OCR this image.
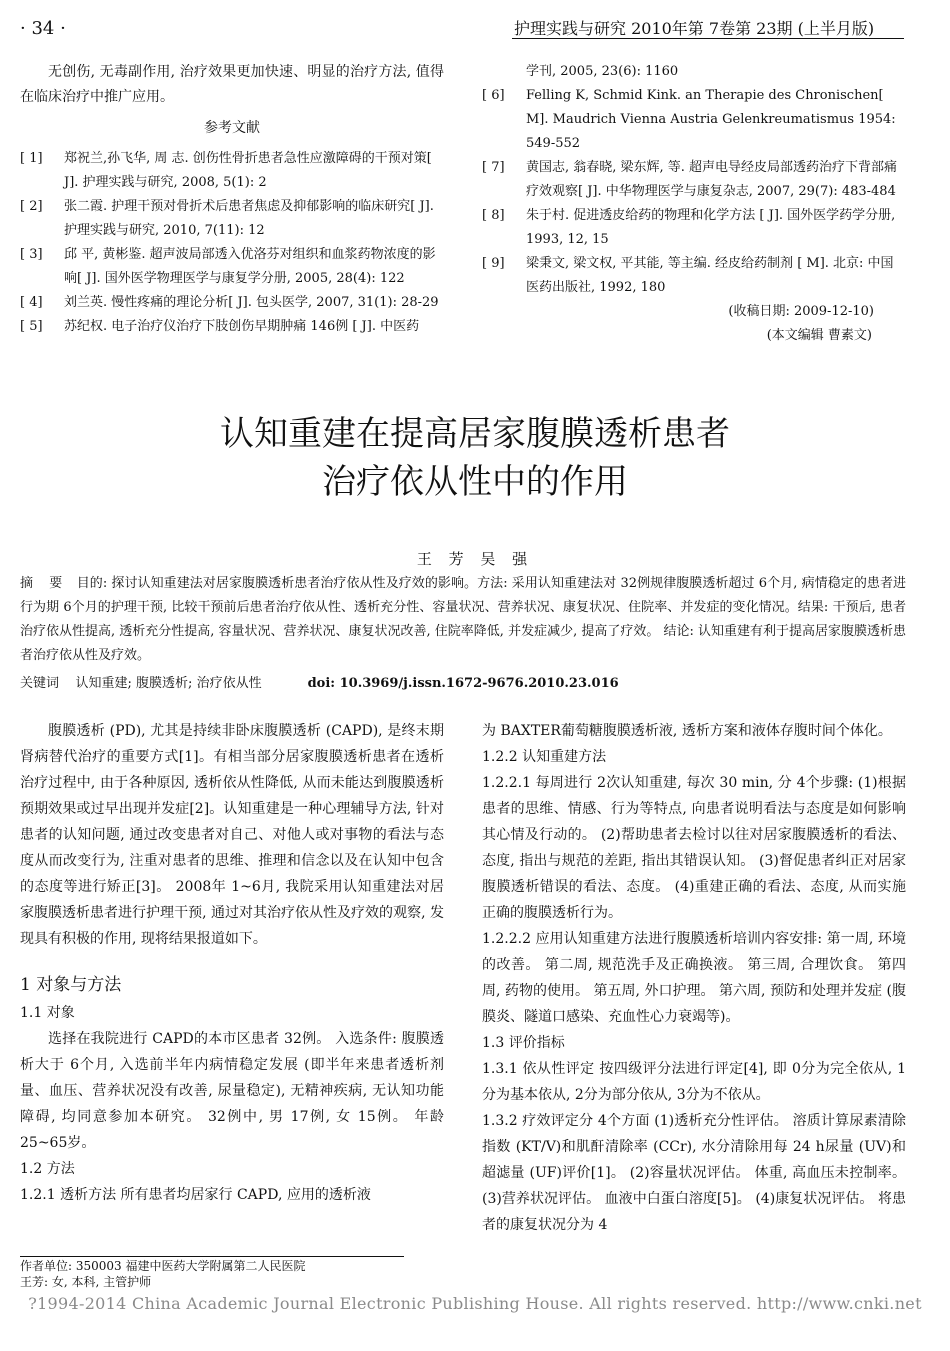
· 34 ·	护理实践与研究 2010年第 7卷第 23期 (上半月版)

无创伤, 无毒副作用, 治疗效果更加快速、明显的治疗方法, 值得在临床治疗中推广应用。

参考文献
[ 1]	郑祝兰,孙飞华, 周 志. 创伤性骨折患者急性应激障碍的干预对策[ J]. 护理实践与研究, 2008, 5(1): 2
[ 2]	张二霞. 护理干预对骨折术后患者焦虑及抑郁影响的临床研究[ J]. 护理实践与研究, 2010, 7(11): 12
[ 3]	邱 平, 黄彬鉴. 超声波局部透入优洛芬对组织和血浆药物浓度的影响[ J]. 国外医学物理医学与康复学分册, 2005, 28(4): 122
[ 4]	刘兰英. 慢性疼痛的理论分析[ J]. 包头医学, 2007, 31(1): 28-29
[ 5]	苏纪权. 电子治疗仪治疗下肢创伤早期肿痛 146例 [ J]. 中医药
学刊, 2005, 23(6): 1160
[ 6]	Felling K, Schmid Kink. an Therapie des Chronischen[ M]. Maudrich Vienna Austria Gelenkreumatismus 1954: 549-552
[ 7]	黄国志, 翁春晓, 梁东辉, 等. 超声电导经皮局部透药治疗下背部痛疗效观察[ J]. 中华物理医学与康复杂志, 2007, 29(7): 483-484
[ 8]	朱于村. 促进透皮给药的物理和化学方法 [ J]. 国外医学药学分册, 1993, 12, 15
[ 9]	梁秉文, 梁文权, 平其能, 等主编. 经皮给药制剂 [ M]. 北京: 中国医药出版社, 1992, 180
(收稿日期: 2009-12-10)
(本文编辑 曹素文)
认知重建在提高居家腹膜透析患者
治疗依从性中的作用
王 芳 吴 强
摘 要 目的: 探讨认知重建法对居家腹膜透析患者治疗依从性及疗效的影响。方法: 采用认知重建法对 32例规律腹膜透析超过 6个月, 病情稳定的患者进行为期 6个月的护理干预, 比较干预前后患者治疗依从性、透析充分性、容量状况、营养状况、康复状况、住院率、并发症的变化情况。结果: 干预后, 患者治疗依从性提高, 透析充分性提高, 容量状况、营养状况、康复状况改善, 住院率降低, 并发症减少, 提高了疗效。 结论: 认知重建有利于提高居家腹膜透析患者治疗依从性及疗效。
关键词 认知重建; 腹膜透析; 治疗依从性	doi: 10.3969/j.issn.1672-9676.2010.23.016

腹膜透析 (PD), 尤其是持续非卧床腹膜透析 (CAPD), 是终末期肾病替代治疗的重要方式[1]。有相当部分居家腹膜透析患者在透析治疗过程中, 由于各种原因, 透析依从性降低, 从而未能达到腹膜透析预期效果或过早出现并发症[2]。认知重建是一种心理辅导方法, 针对患者的认知问题, 通过改变患者对自己、对他人或对事物的看法与态度从而改变行为, 注重对患者的思维、推理和信念以及在认知中包含的态度等进行矫正[3]。 2008年 1~6月, 我院采用认知重建法对居家腹膜透析患者进行护理干预, 通过对其治疗依从性及疗效的观察, 发现具有积极的作用, 现将结果报道如下。

1 对象与方法
1.1 对象

选择在我院进行 CAPD的本市区患者 32例。 入选条件: 腹膜透析大于 6个月, 入选前半年内病情稳定发展 (即半年来患者透析剂量、血压、营养状况没有改善, 尿量稳定), 无精神疾病, 无认知功能障碍, 均同意参加本研究。 32例中, 男 17例, 女 15例。 年龄 25~65岁。

1.2 方法

1.2.1 透析方法 所有患者均居家行 CAPD, 应用的透析液

为 BAXTER葡萄糖腹膜透析液, 透析方案和液体存腹时间个体化。

1.2.2 认知重建方法

1.2.2.1 每周进行 2次认知重建, 每次 30 min, 分 4个步骤: (1)根据患者的思维、情感、行为等特点, 向患者说明看法与态度是如何影响其心情及行动的。 (2)帮助患者去检讨以往对居家腹膜透析的看法、态度, 指出与规范的差距, 指出其错误认知。 (3)督促患者纠正对居家腹膜透析错误的看法、态度。 (4)重建正确的看法、态度, 从而实施正确的腹膜透析行为。

1.2.2.2 应用认知重建方法进行腹膜透析培训内容安排: 第一周, 环境的改善。 第二周, 规范洗手及正确换液。 第三周, 合理饮食。 第四周, 药物的使用。 第五周, 外口护理。 第六周, 预防和处理并发症 (腹膜炎、隧道口感染、充血性心力衰竭等)。

1.3 评价指标

1.3.1 依从性评定 按四级评分法进行评定[4], 即 0分为完全依从, 1分为基本依从, 2分为部分依从, 3分为不依从。

1.3.2 疗效评定分 4个方面 (1)透析充分性评估。 溶质计算尿素清除指数 (KT/V)和肌酐清除率 (CCr), 水分清除用每 24 h尿量 (UV)和超滤量 (UF)评价[1]。 (2)容量状况评估。 体重, 高血压未控制率。 (3)营养状况评估。 血液中白蛋白溶度[5]。 (4)康复状况评估。 将患者的康复状况分为 4

作者单位: 350003 福建中医药大学附属第二人民医院
王芳: 女, 本科, 主管护师
?1994-2014 China Academic Journal Electronic Publishing House. All rights reserved. http://www.cnki.net
